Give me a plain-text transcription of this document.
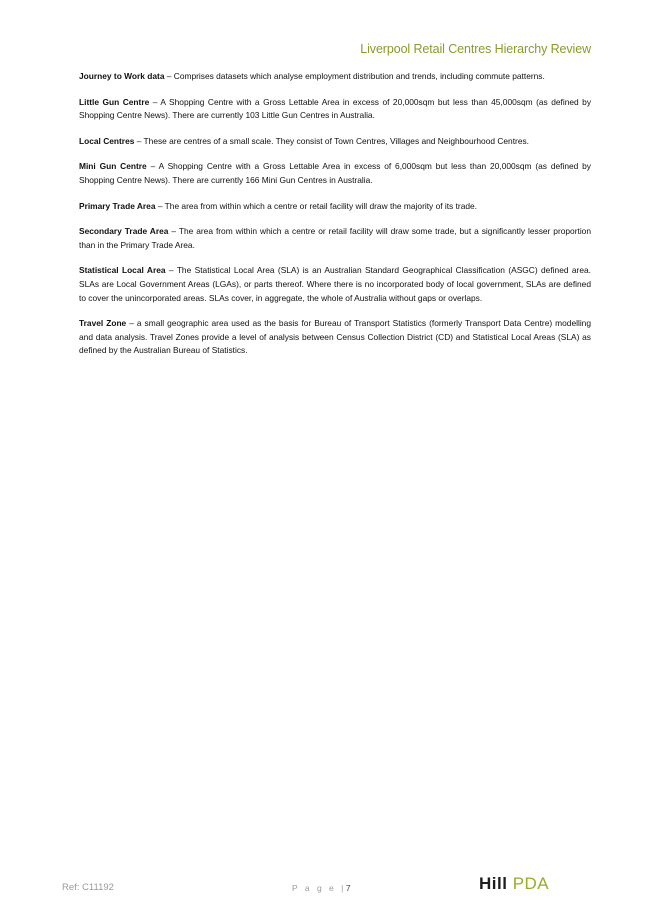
Liverpool Retail Centres Hierarchy Review

Journey to Work data – Comprises datasets which analyse employment distribution and trends, including commute patterns.

Little Gun Centre – A Shopping Centre with a Gross Lettable Area in excess of 20,000sqm but less than 45,000sqm (as defined by Shopping Centre News). There are currently 103 Little Gun Centres in Australia.

Local Centres – These are centres of a small scale. They consist of Town Centres, Villages and Neighbourhood Centres.

Mini Gun Centre – A Shopping Centre with a Gross Lettable Area in excess of 6,000sqm but less than 20,000sqm (as defined by Shopping Centre News). There are currently 166 Mini Gun Centres in Australia.

Primary Trade Area – The area from within which a centre or retail facility will draw the majority of its trade.

Secondary Trade Area – The area from within which a centre or retail facility will draw some trade, but a significantly lesser proportion than in the Primary Trade Area.

Statistical Local Area – The Statistical Local Area (SLA) is an Australian Standard Geographical Classification (ASGC) defined area. SLAs are Local Government Areas (LGAs), or parts thereof. Where there is no incorporated body of local government, SLAs are defined to cover the unincorporated areas. SLAs cover, in aggregate, the whole of Australia without gaps or overlaps.

Travel Zone – a small geographic area used as the basis for Bureau of Transport Statistics (formerly Transport Data Centre) modelling and data analysis. Travel Zones provide a level of analysis between Census Collection District (CD) and Statistical Local Areas (SLA) as defined by the Australian Bureau of Statistics.

Ref: C11192	P a g e |7	Hill PDA
